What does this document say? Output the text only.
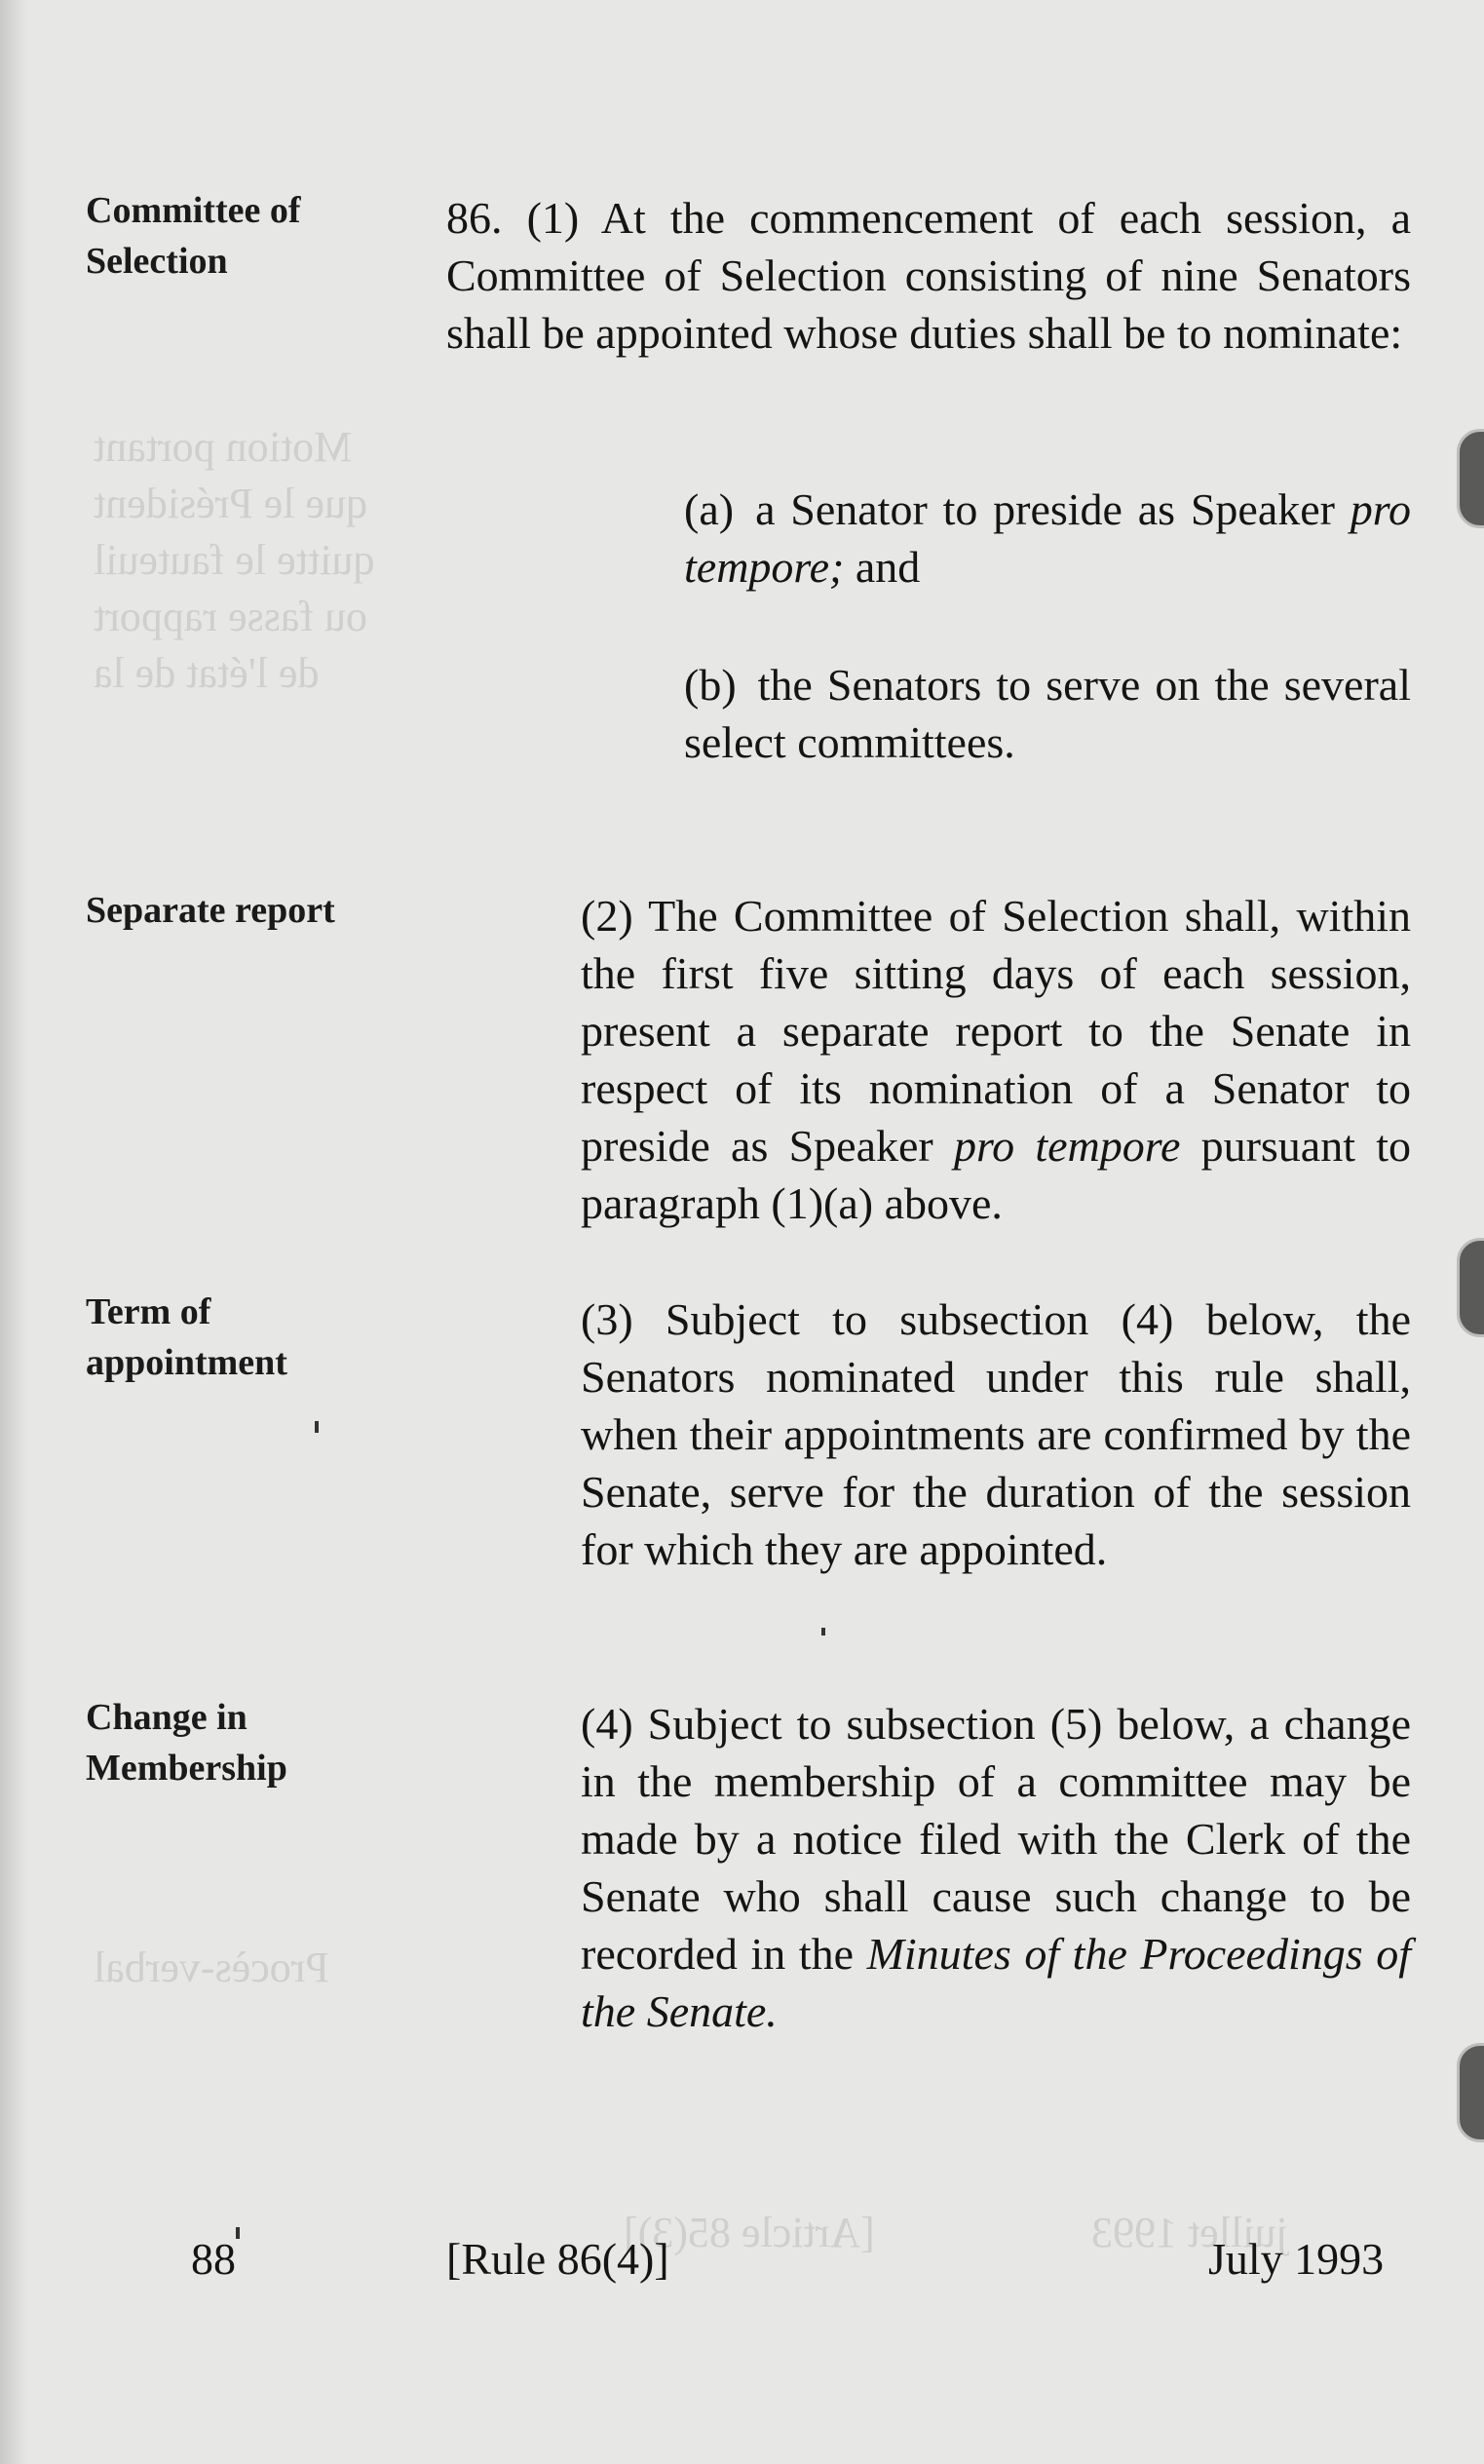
Motion portant
que le Président
quitte le fauteuil
ou fasse rapport
de l'état de la
Procès-verbal
[Article 85(3)]	juillet 1993
Committee of
Selection
Separate report
Term of
appointment
Change in
Membership
86. (1) At the commencement of each session, a Committee of Selection consisting of nine Senators shall be appointed whose duties shall be to nominate:
(a) a Senator to preside as Speaker pro tempore; and
(b) the Senators to serve on the several select committees.
(2) The Committee of Selection shall, within the first five sitting days of each session, present a separate report to the Senate in respect of its nomination of a Senator to preside as Speaker pro tempore pursuant to paragraph (1)(a) above.
(3) Subject to subsection (4) below, the Senators nominated under this rule shall, when their appointments are confirmed by the Senate, serve for the duration of the session for which they are appointed.
(4) Subject to subsection (5) below, a change in the membership of a committee may be made by a notice filed with the Clerk of the Senate who shall cause such change to be recorded in the Minutes of the Proceedings of the Senate.
88	[Rule 86(4)]	July 1993
